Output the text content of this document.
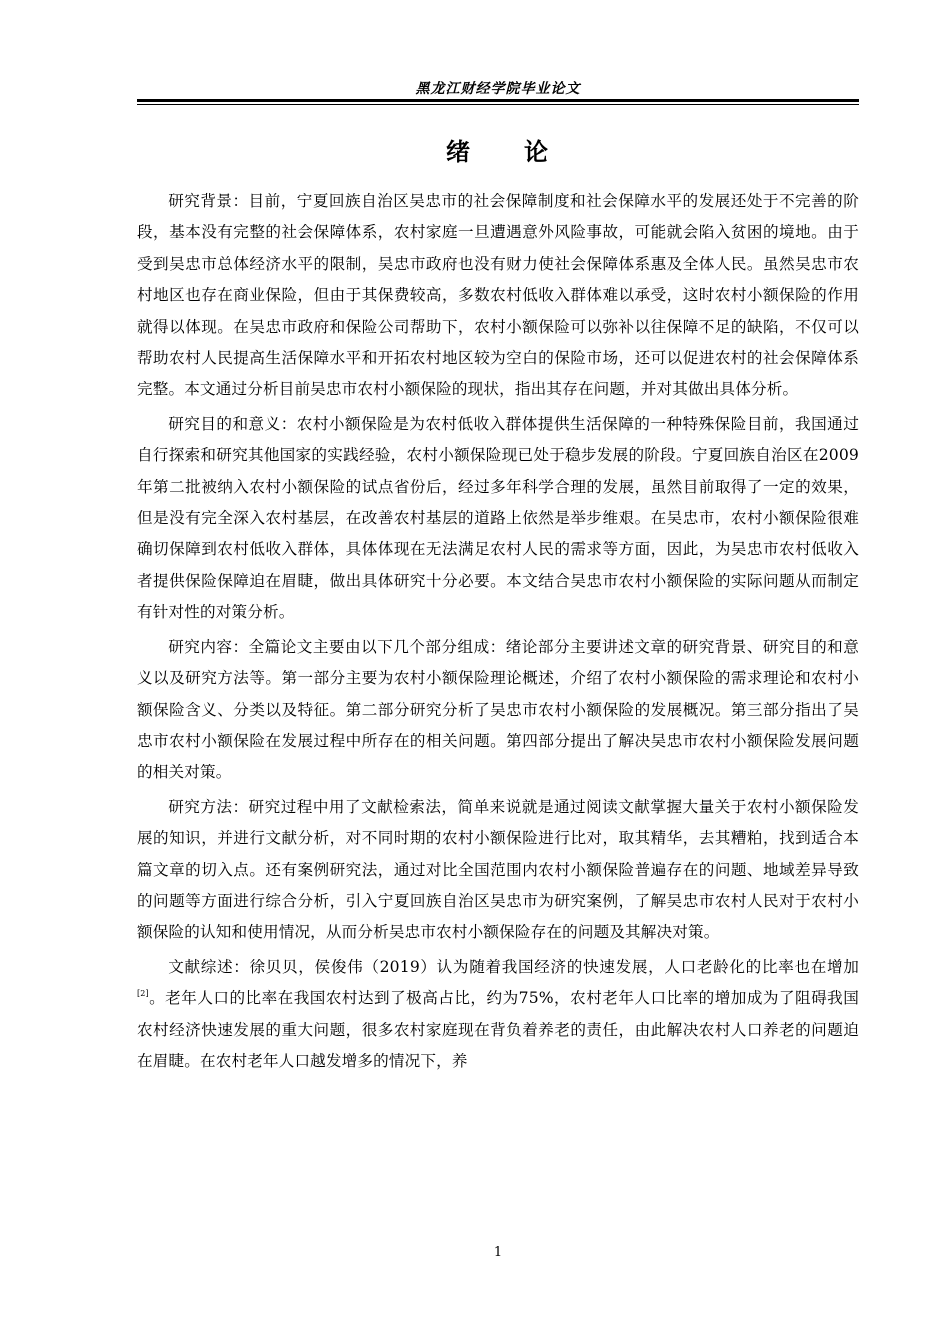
黑龙江财经学院毕业论文
绪　　论

研究背景：目前，宁夏回族自治区吴忠市的社会保障制度和社会保障水平的发展还处于不完善的阶段，基本没有完整的社会保障体系，农村家庭一旦遭遇意外风险事故，可能就会陷入贫困的境地。由于受到吴忠市总体经济水平的限制，吴忠市政府也没有财力使社会保障体系惠及全体人民。虽然吴忠市农村地区也存在商业保险，但由于其保费较高，多数农村低收入群体难以承受，这时农村小额保险的作用就得以体现。在吴忠市政府和保险公司帮助下，农村小额保险可以弥补以往保障不足的缺陷，不仅可以帮助农村人民提高生活保障水平和开拓农村地区较为空白的保险市场，还可以促进农村的社会保障体系完整。本文通过分析目前吴忠市农村小额保险的现状，指出其存在问题，并对其做出具体分析。

研究目的和意义：农村小额保险是为农村低收入群体提供生活保障的一种特殊保险目前，我国通过自行探索和研究其他国家的实践经验，农村小额保险现已处于稳步发展的阶段。宁夏回族自治区在2009年第二批被纳入农村小额保险的试点省份后，经过多年科学合理的发展，虽然目前取得了一定的效果，但是没有完全深入农村基层，在改善农村基层的道路上依然是举步维艰。在吴忠市，农村小额保险很难确切保障到农村低收入群体，具体体现在无法满足农村人民的需求等方面，因此，为吴忠市农村低收入者提供保险保障迫在眉睫，做出具体研究十分必要。本文结合吴忠市农村小额保险的实际问题从而制定有针对性的对策分析。

研究内容：全篇论文主要由以下几个部分组成：绪论部分主要讲述文章的研究背景、研究目的和意义以及研究方法等。第一部分主要为农村小额保险理论概述，介绍了农村小额保险的需求理论和农村小额保险含义、分类以及特征。第二部分研究分析了吴忠市农村小额保险的发展概况。第三部分指出了吴忠市农村小额保险在发展过程中所存在的相关问题。第四部分提出了解决吴忠市农村小额保险发展问题的相关对策。

研究方法：研究过程中用了文献检索法，简单来说就是通过阅读文献掌握大量关于农村小额保险发展的知识，并进行文献分析，对不同时期的农村小额保险进行比对，取其精华，去其糟粕，找到适合本篇文章的切入点。还有案例研究法，通过对比全国范围内农村小额保险普遍存在的问题、地域差异导致的问题等方面进行综合分析，引入宁夏回族自治区吴忠市为研究案例，了解吴忠市农村人民对于农村小额保险的认知和使用情况，从而分析吴忠市农村小额保险存在的问题及其解决对策。

文献综述：徐贝贝，侯俊伟（2019）认为随着我国经济的快速发展，人口老龄化的比率也在增加[2]。老年人口的比率在我国农村达到了极高占比，约为75%，农村老年人口比率的增加成为了阻碍我国农村经济快速发展的重大问题，很多农村家庭现在背负着养老的责任，由此解决农村人口养老的问题迫在眉睫。在农村老年人口越发增多的情况下，养

1
